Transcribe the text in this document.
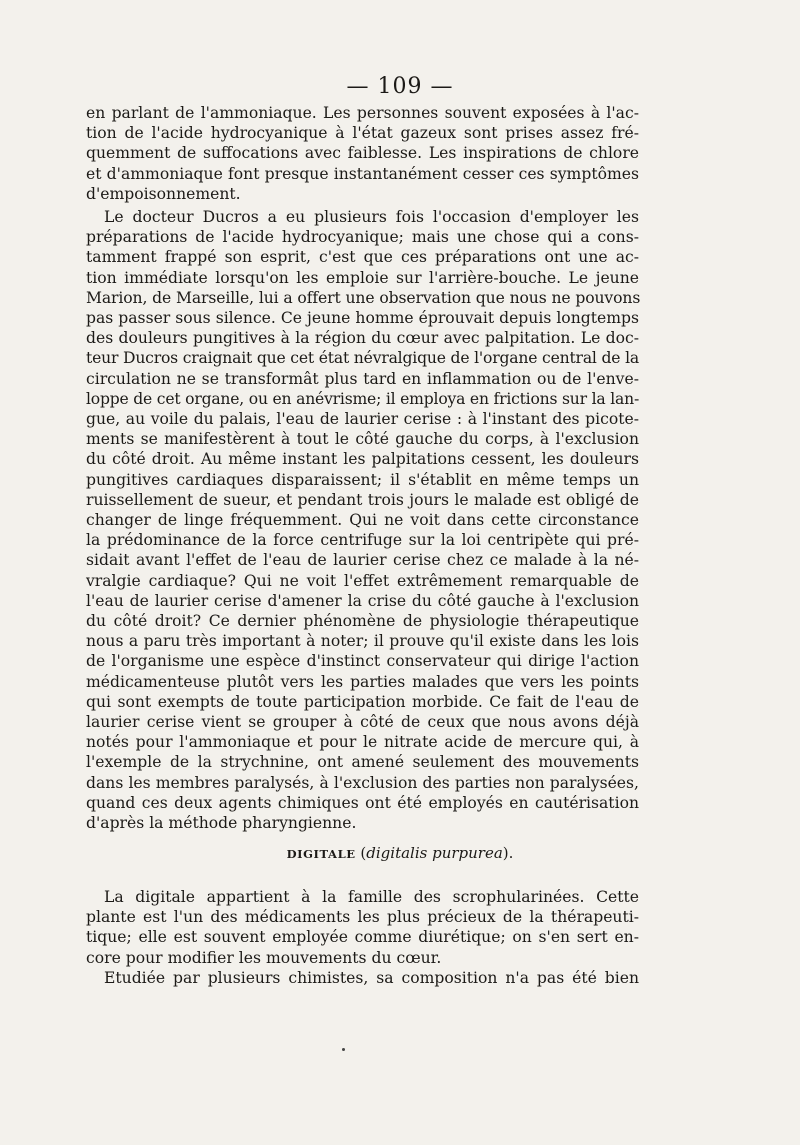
— 109 —
en parlant de l'ammoniaque. Les personnes souvent exposées à l'ac-
tion de l'acide hydrocyanique à l'état gazeux sont prises assez fré-
quemment de suffocations avec faiblesse. Les inspirations de chlore
et d'ammoniaque font presque instantanément cesser ces symptômes
d'empoisonnement.
Le docteur Ducros a eu plusieurs fois l'occasion d'employer les
préparations de l'acide hydrocyanique; mais une chose qui a cons-
tamment frappé son esprit, c'est que ces préparations ont une ac-
tion immédiate lorsqu'on les emploie sur l'arrière-bouche. Le jeune
Marion, de Marseille, lui a offert une observation que nous ne pouvons
pas passer sous silence. Ce jeune homme éprouvait depuis longtemps
des douleurs pungitives à la région du cœur avec palpitation. Le doc-
teur Ducros craignait que cet état névralgique de l'organe central de la
circulation ne se transformât plus tard en inflammation ou de l'enve-
loppe de cet organe, ou en anévrisme; il employa en frictions sur la lan-
gue, au voile du palais, l'eau de laurier cerise : à l'instant des picote-
ments se manifestèrent à tout le côté gauche du corps, à l'exclusion
du côté droit. Au même instant les palpitations cessent, les douleurs
pungitives cardiaques disparaissent; il s'établit en même temps un
ruissellement de sueur, et pendant trois jours le malade est obligé de
changer de linge fréquemment. Qui ne voit dans cette circonstance
la prédominance de la force centrifuge sur la loi centripète qui pré-
sidait avant l'effet de l'eau de laurier cerise chez ce malade à la né-
vralgie cardiaque? Qui ne voit l'effet extrêmement remarquable de
l'eau de laurier cerise d'amener la crise du côté gauche à l'exclusion
du côté droit? Ce dernier phénomène de physiologie thérapeutique
nous a paru très important à noter; il prouve qu'il existe dans les lois
de l'organisme une espèce d'instinct conservateur qui dirige l'action
médicamenteuse plutôt vers les parties malades que vers les points
qui sont exempts de toute participation morbide. Ce fait de l'eau de
laurier cerise vient se grouper à côté de ceux que nous avons déjà
notés pour l'ammoniaque et pour le nitrate acide de mercure qui, à
l'exemple de la strychnine, ont amené seulement des mouvements
dans les membres paralysés, à l'exclusion des parties non paralysées,
quand ces deux agents chimiques ont été employés en cautérisation
d'après la méthode pharyngienne.
DIGITALE (digitalis purpurea).
La digitale appartient à la famille des scrophularinées. Cette
plante est l'un des médicaments les plus précieux de la thérapeuti-
tique; elle est souvent employée comme diurétique; on s'en sert en-
core pour modifier les mouvements du cœur.
Etudiée par plusieurs chimistes, sa composition n'a pas été bien
